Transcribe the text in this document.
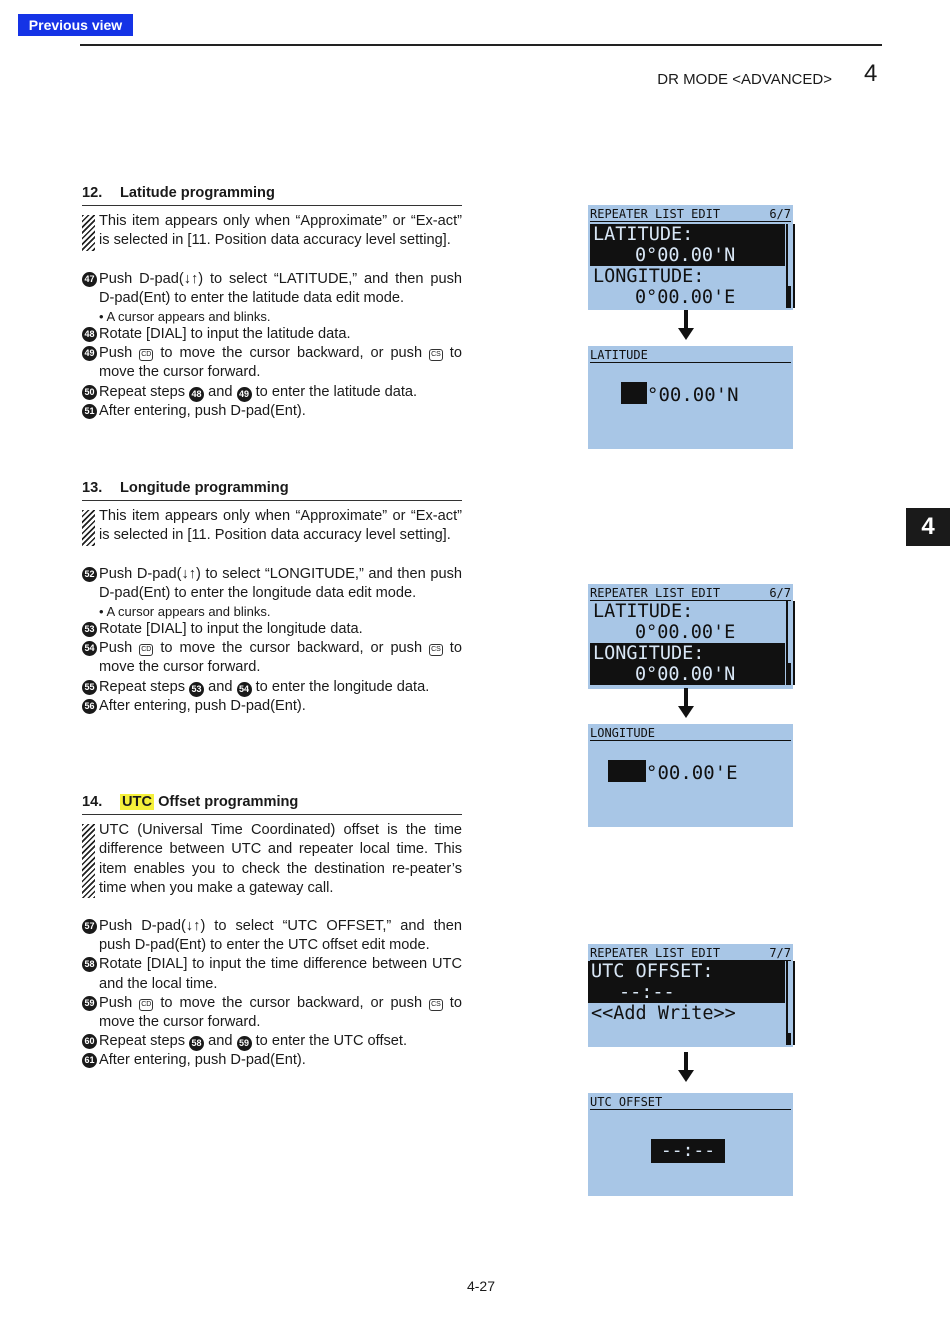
Previous view
DR MODE <ADVANCED> 4
4
12. Latitude programming
This item appears only when “Approximate” or “Ex-act” is selected in [11. Position data accuracy level setting].
47 Push D-pad(↓↑) to select “LATITUDE,” and then push D-pad(Ent) to enter the latitude data edit mode.
• A cursor appears and blinks.
48 Rotate [DIAL] to input the latitude data.
49 Push CD to move the cursor backward, or push CS to move the cursor forward.
50 Repeat steps 48 and 49 to enter the latitude data.
51 After entering, push D-pad(Ent).
13. Longitude programming
This item appears only when “Approximate” or “Ex-act” is selected in [11. Position data accuracy level setting].
52 Push D-pad(↓↑) to select “LONGITUDE,” and then push D-pad(Ent) to enter the longitude data edit mode.
• A cursor appears and blinks.
53 Rotate [DIAL] to input the longitude data.
54 Push CD to move the cursor backward, or push CS to move the cursor forward.
55 Repeat steps 53 and 54 to enter the longitude data.
56 After entering, push D-pad(Ent).
14. UTC Offset programming
UTC (Universal Time Coordinated) offset is the time difference between UTC and repeater local time. This item enables you to check the destination re-peater’s time when you make a gateway call.
57 Push D-pad(↓↑) to select “UTC OFFSET,” and then push D-pad(Ent) to enter the UTC offset edit mode.
58 Rotate [DIAL] to input the time difference between UTC and the local time.
59 Push CD to move the cursor backward, or push CS to move the cursor forward.
60 Repeat steps 58 and 59 to enter the UTC offset.
61 After entering, push D-pad(Ent).
REPEATER LIST EDIT	6/7
LATITUDE:
0°00.00'N
LONGITUDE:
0°00.00'E
LATITUDE
°00.00'N
REPEATER LIST EDIT	6/7
LATITUDE:
0°00.00'E
LONGITUDE:
0°00.00'N
LONGITUDE
°00.00'E
REPEATER LIST EDIT	7/7
UTC OFFSET:
--:--
<<Add Write>>
UTC OFFSET
--:--
4-27
